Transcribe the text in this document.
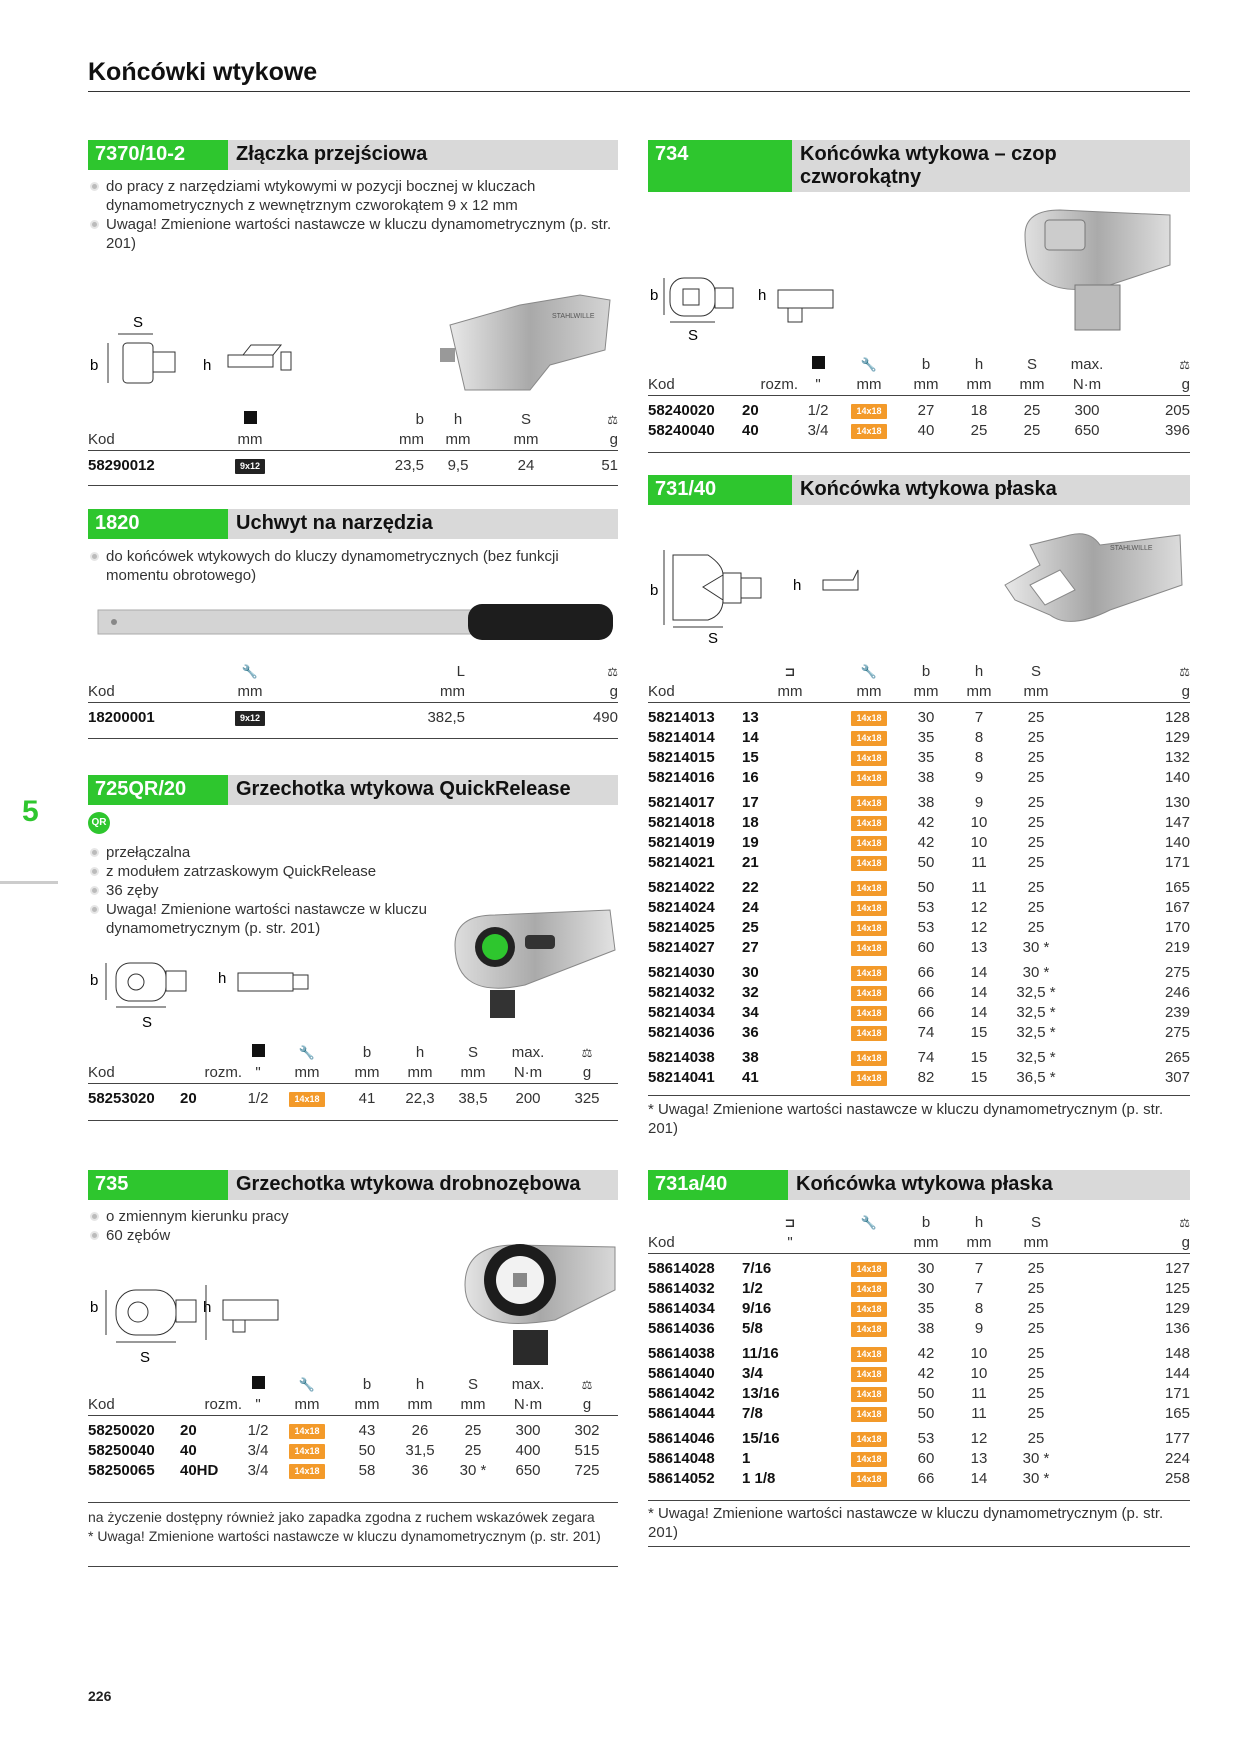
Końcówki wtykowe
5
226
7370/10-2	Złączka przejściowa
do pracy z narzędziami wtykowymi w pozycji bocznej w kluczach dynamometrycznych z wewnętrznym czworokątem 9 x 12 mm
Uwaga! Zmienione wartości nastawcze w kluczu dynamometrycznym (p. str. 201)
S
b	h
STAHLWILLE
		b	h	S	⚖
Kod	mm	mm	mm	mm	g
58290012	9x12	23,5	9,5	24	51
1820	Uchwyt na narzędzia
do końcówek wtykowych do kluczy dynamometrycznych (bez funkcji momentu obrotowego)
	🔧	L	⚖
Kod	mm	mm	g
18200001	9x12	382,5	490
725QR/20	Grzechotka wtykowa QuickRelease
QR
przełączalna
z modułem zatrzaskowym QuickRelease
36 zęby
Uwaga! Zmienione wartości nastawcze w kluczu dynamometrycznym (p. str. 201)
b
S
h
			🔧	b	h	S	max.	⚖
Kod	rozm.	"	mm	mm	mm	mm	N·m	g
58253020	20	1/2	14x18	41	22,3	38,5	200	325
735	Grzechotka wtykowa drobnozębowa
o zmiennym kierunku pracy
60 zębów
b
S
h
			🔧	b	h	S	max.	⚖
Kod	rozm.	"	mm	mm	mm	mm	N·m	g
58250020	20	1/2	14x18	43	26	25	300	302
58250040	40	3/4	14x18	50	31,5	25	400	515
58250065	40HD	3/4	14x18	58	36	30 *	650	725
na życzenie dostępny również jako zapadka zgodna z ruchem wskazówek zegara
* Uwaga! Zmienione wartości nastawcze w kluczu dynamometrycznym (p. str. 201)
734	Końcówka wtykowa – czop czworokątny
b
S
h
			🔧	b	h	S	max.	⚖
Kod	rozm.	"	mm	mm	mm	mm	N·m	g
58240020	20	1/2	14x18	27	18	25	300	205
58240040	40	3/4	14x18	40	25	25	650	396
731/40	Końcówka wtykowa płaska
b
S
h
STAHLWILLE
	⊐	🔧	b	h	S	⚖
Kod	mm	mm	mm	mm	mm	g
58214013	13	14x18	30	7	25	128
58214014	14	14x18	35	8	25	129
58214015	15	14x18	35	8	25	132
58214016	16	14x18	38	9	25	140
58214017	17	14x18	38	9	25	130
58214018	18	14x18	42	10	25	147
58214019	19	14x18	42	10	25	140
58214021	21	14x18	50	11	25	171
58214022	22	14x18	50	11	25	165
58214024	24	14x18	53	12	25	167
58214025	25	14x18	53	12	25	170
58214027	27	14x18	60	13	30 *	219
58214030	30	14x18	66	14	30 *	275
58214032	32	14x18	66	14	32,5 *	246
58214034	34	14x18	66	14	32,5 *	239
58214036	36	14x18	74	15	32,5 *	275
58214038	38	14x18	74	15	32,5 *	265
58214041	41	14x18	82	15	36,5 *	307
* Uwaga! Zmienione wartości nastawcze w kluczu dynamometrycznym (p. str. 201)
731a/40	Końcówka wtykowa płaska
	⊐	🔧	b	h	S	⚖
Kod	"		mm	mm	mm	g
58614028	7/16	14x18	30	7	25	127
58614032	1/2	14x18	30	7	25	125
58614034	9/16	14x18	35	8	25	129
58614036	5/8	14x18	38	9	25	136
58614038	11/16	14x18	42	10	25	148
58614040	3/4	14x18	42	10	25	144
58614042	13/16	14x18	50	11	25	171
58614044	7/8	14x18	50	11	25	165
58614046	15/16	14x18	53	12	25	177
58614048	1	14x18	60	13	30 *	224
58614052	1 1/8	14x18	66	14	30 *	258
* Uwaga! Zmienione wartości nastawcze w kluczu dynamometrycznym (p. str. 201)
